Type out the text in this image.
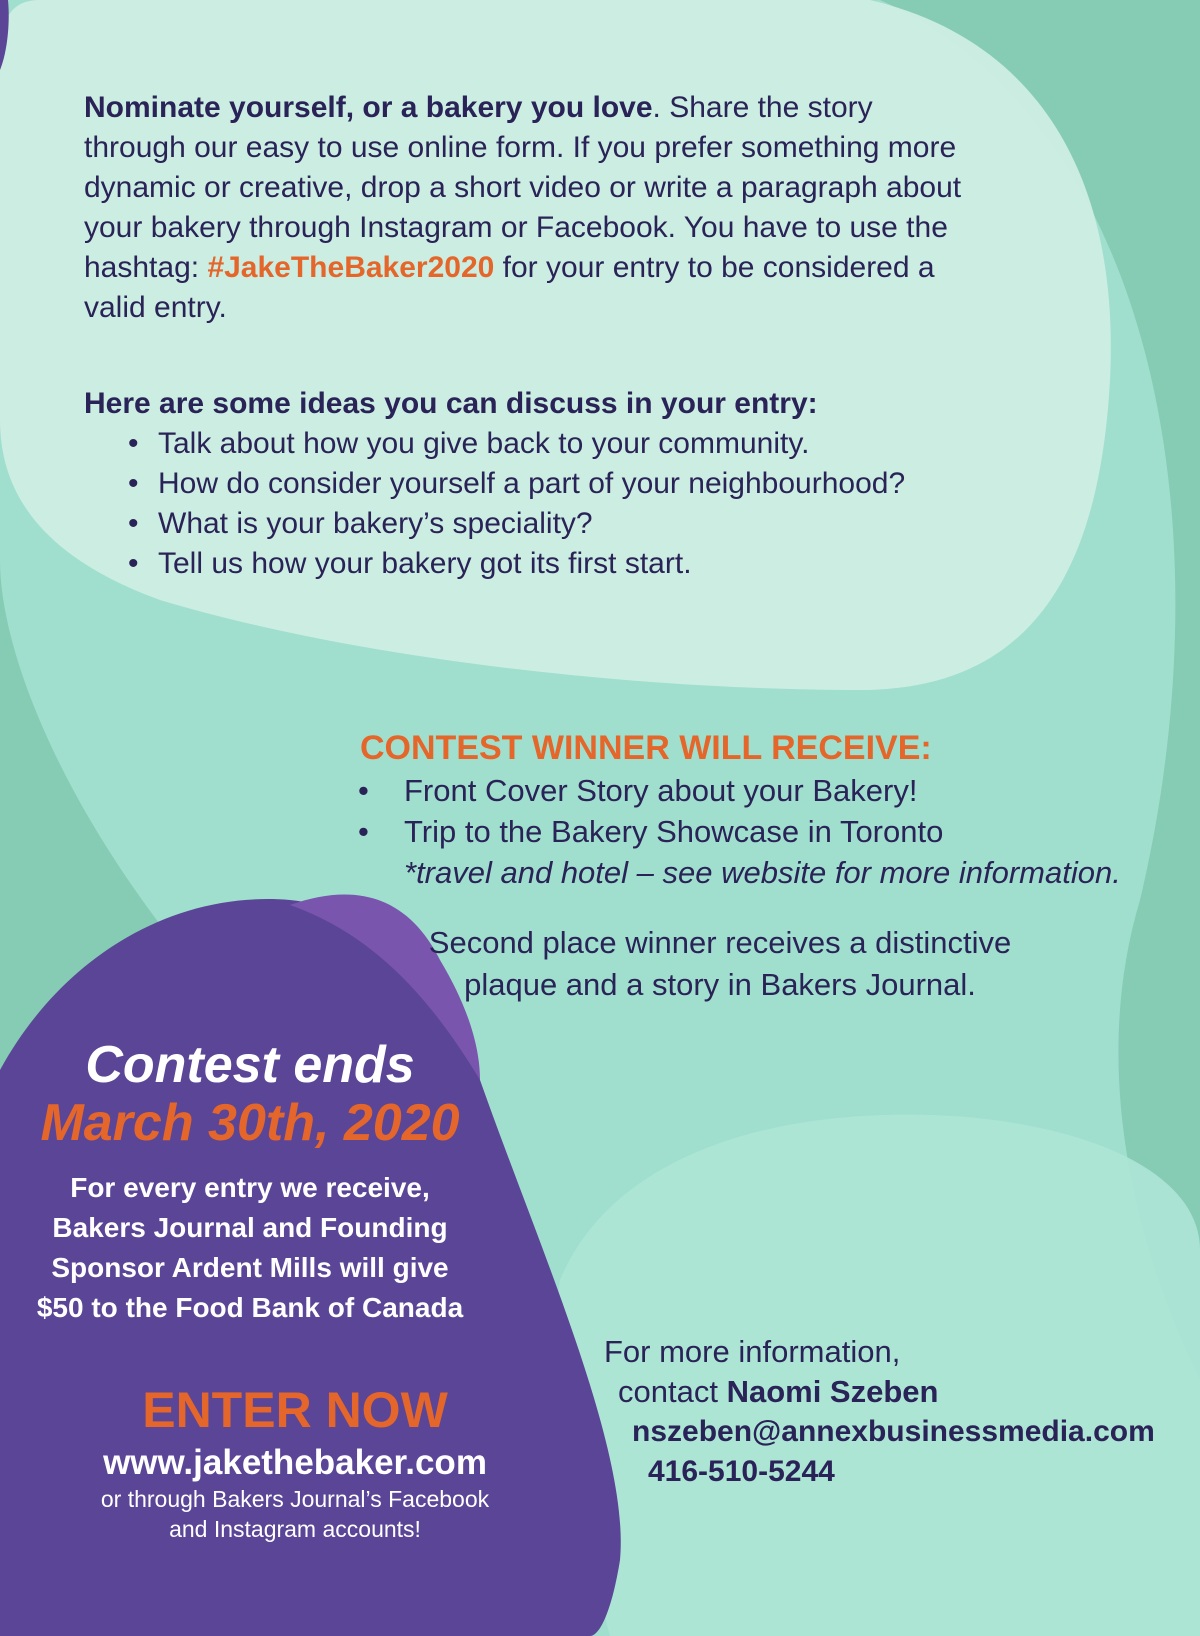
Nominate yourself, or a bakery you love. Share the story through our easy to use online form. If you prefer something more dynamic or creative, drop a short video or write a paragraph about your bakery through Instagram or Facebook. You have to use the hashtag: #JakeTheBaker2020 for your entry to be considered a valid entry.
Here are some ideas you can discuss in your entry:
• Talk about how you give back to your community.
• How do consider yourself a part of your neighbourhood?
• What is your bakery’s speciality?
• Tell us how your bakery got its first start.
CONTEST WINNER WILL RECEIVE:
• Front Cover Story about your Bakery!
• Trip to the Bakery Showcase in Toronto
*travel and hotel – see website for more information.
Second place winner receives a distinctive
plaque and a story in Bakers Journal.
Contest ends
March 30th, 2020
For every entry we receive,
Bakers Journal and Founding
Sponsor Ardent Mills will give
$50 to the Food Bank of Canada
ENTER NOW
www.jakethebaker.com
or through Bakers Journal’s Facebook
and Instagram accounts!
For more information,
contact Naomi Szeben
nszeben@annexbusinessmedia.com
416-510-5244
